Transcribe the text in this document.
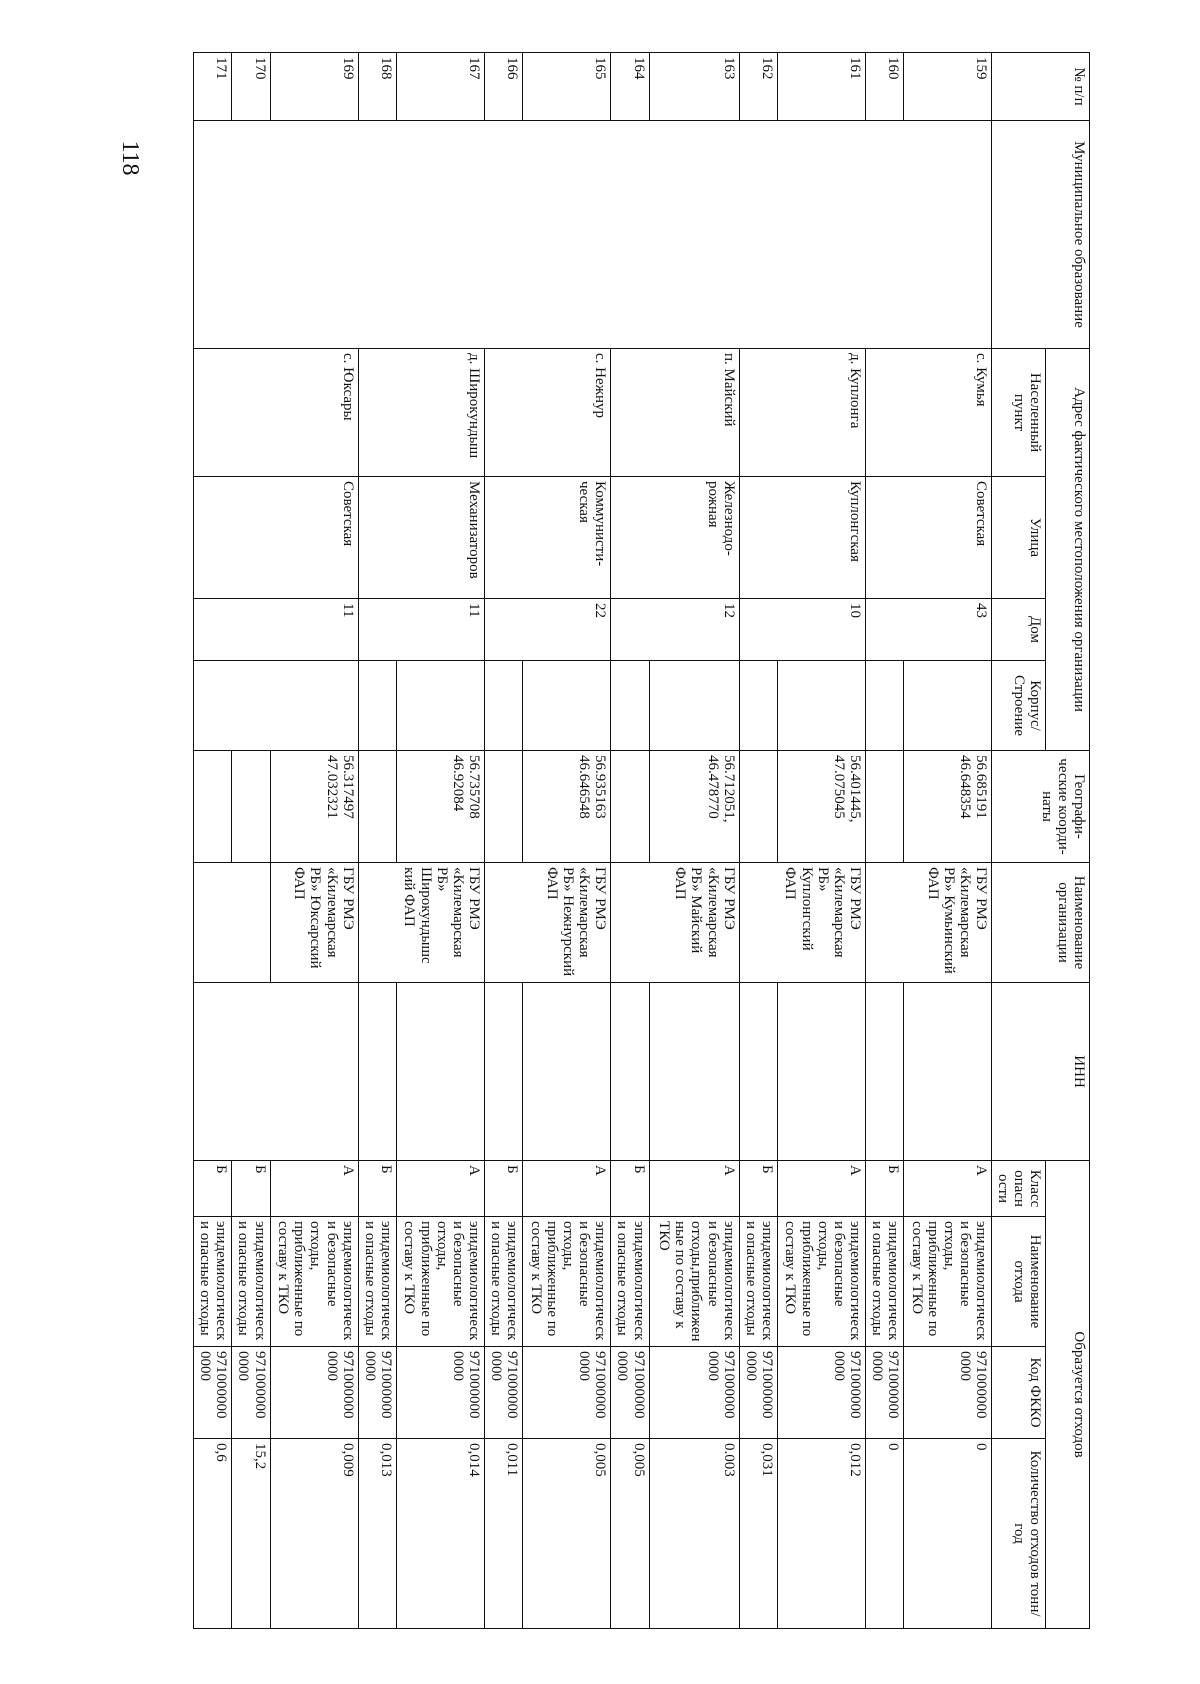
118
№ п/п	Муниципальное образование	Адрес фактического местоположения организации				Географи- ческие коорди- наты	Наименование организации	ИНН	Образуется отходов			
		Населенный пункт	Улица	Дом	Корпус/ Строение				Класс опасн ости	Наименование отхода	Код ФККО	Количество отходов тонн/год
159		с. Кумья	Советская	43		56.685191 46.648354	ГБУ РМЭ «Килемарская РБ» Кумьинский ФАП		А	эпидемиологическ и безопасные отходы, приближенные по составу к ТКО	971000000 0000	0
160									Б	эпидемиологическ и опасные отходы	971000000 0000	0
161		д. Куплонга	Куплонгская	10		56.401445, 47.075045	ГБУ РМЭ «Килемарская РБ» Куплонгский ФАП		А	эпидемиологическ и безопасные отходы, приближенные по составу к ТКО	971000000 0000	0,012
162									Б	эпидемиологическ и опасные отходы	971000000 0000	0,031
163		п. Майский	Железнодо- рожная	12		56.712051, 46.478770	ГБУ РМЭ «Килемарская РБ» Майский ФАП		А	эпидемиологическ и безопасные отходы,приближен ные по составу к ТКО	971000000 0000	0.003
164									Б	эпидемиологическ и опасные отходы	971000000 0000	0,005
165		с. Нежнур	Коммунисти- ческая	22		56.935163 46.646548	ГБУ РМЭ «Килемарская РБ» Нежнурский ФАП		А	эпидемиологическ и безопасные отходы, приближенные по составу к ТКО	971000000 0000	0,005
166									Б	эпидемиологическ и опасные отходы	971000000 0000	0,011
167		д. Широкундыш	Механизаторов	11		56.735708 46.92084	ГБУ РМЭ «Килемарская РБ» Широкундышс кий ФАП		А	эпидемиологическ и безопасные отходы, приближенные по составу к ТКО	971000000 0000	0,014
168									Б	эпидемиологическ и опасные отходы	971000000 0000	0,013
169		с. Юксары	Советская	11		56.317497 47.032321	ГБУ РМЭ «Килемарская РБ» Юксарский ФАП		А	эпидемиологическ и безопасные отходы, приближенные по составу к ТКО	971000000 0000	0,009
170									Б	эпидемиологическ и опасные отходы	971000000 0000	15,2
171									Б	эпидемиологическ и опасные отходы	971000000 0000	0,6
